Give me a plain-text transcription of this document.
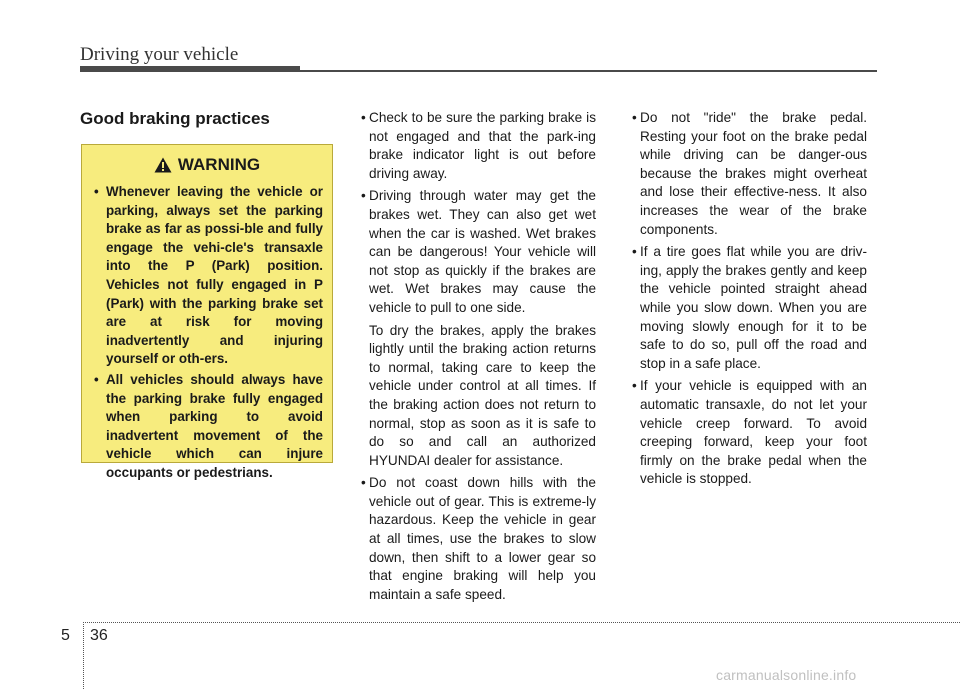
Driving your vehicle
Good braking practices
WARNING
• Whenever leaving the vehicle or parking, always set the parking brake as far as possi-ble and fully engage the vehi-cle's transaxle into the P (Park) position. Vehicles not fully engaged in P (Park) with the parking brake set are at risk for moving inadvertently and injuring yourself or oth-ers.
• All vehicles should always have the parking brake fully engaged when parking to avoid inadvertent movement of the vehicle which can injure occupants or pedestrians.

• Check to be sure the parking brake is not engaged and that the park-ing brake indicator light is out before driving away.

• Driving through water may get the brakes wet. They can also get wet when the car is washed. Wet brakes can be dangerous! Your vehicle will not stop as quickly if the brakes are wet. Wet brakes may cause the vehicle to pull to one side.

To dry the brakes, apply the brakes lightly until the braking action returns to normal, taking care to keep the vehicle under control at all times. If the braking action does not return to normal, stop as soon as it is safe to do so and call an authorized HYUNDAI dealer for assistance.

• Do not coast down hills with the vehicle out of gear. This is extreme-ly hazardous. Keep the vehicle in gear at all times, use the brakes to slow down, then shift to a lower gear so that engine braking will help you maintain a safe speed.

• Do not "ride" the brake pedal. Resting your foot on the brake pedal while driving can be danger-ous because the brakes might overheat and lose their effective-ness. It also increases the wear of the brake components.

• If a tire goes flat while you are driv-ing, apply the brakes gently and keep the vehicle pointed straight ahead while you slow down. When you are moving slowly enough for it to be safe to do so, pull off the road and stop in a safe place.

• If your vehicle is equipped with an automatic transaxle, do not let your vehicle creep forward. To avoid creeping forward, keep your foot firmly on the brake pedal when the vehicle is stopped.

5 36
carmanualsonline.info
